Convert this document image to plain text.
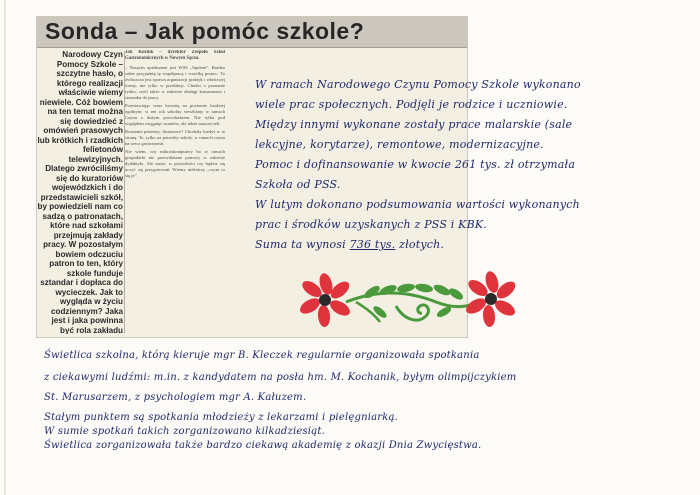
Sonda – Jak pomóc szkole?

Narodowy Czyn Pomocy Szkole – szczytne hasło, o którego realizacji właściwie wiemy niewiele. Cóż bowiem na ten temat można się dowiedzieć z omówień prasowych lub krótkich i rzadkich felietonów telewizyjnych. Dlatego zwróciliśmy się do kuratoriów wojewódzkich i do przedstawicieli szkół, by powiedzieli nam co sadzą o patronatach, które nad szkołami przejmują zakłady pracy. W pozostałym bowiem odczuciu patron to ten, który szkole funduje sztandar i dopłaca do wycieczek. Jak to wygląda w życiu codziennym? Jaka jest i jaka powinna być rola zakładu

Jan Koziuk – dyrektor Zespołu Szkół Gastronomicznych w Nowym Sączu.

– Naszym opiekunem jest WSS „Społem”. Bardzo sobie przyjaźnię tę współpracę i wszelką pomoc. To zwłaszcza jest sprawa organizacji praktyk i właściwej formy, nie tylko w produkcji. Chodzi o poznanie rynku, czyli także w zakresie obsługi konsumenta i stosunku do pracy.

Przestawiając teraz kwestię na poziomie bardziej ogólnym: w ten rok szkolny weszliśmy w ramach Czynu z dużym powodzeniem. Nie tylko pod względem osiągnięć uczniów, ale także nauczycieli.

Rozmaite prezenty, finansowe? Chodziły kiedyś w te stronę. To, tylko na potrzeby szkoły, w ramach czynu na rzecz gastronomii.

Nie wiem, czy mikroskomputery bo w ramach gospodarki nie przewidziano pomocy w zakresie dydaktyki. Ale może, w przyszłości czy będzie się uczyć się przygotowań. Wiemy niektórzy „czym to się je”.

W ramach Narodowego Czynu Pomocy Szkole wykonano
wiele prac społecznych. Podjęli je rodzice i uczniowie.
Między innymi wykonane zostały prace malarskie (sale
lekcyjne, korytarze), remontowe, modernizacyjne.
Pomoc i dofinansowanie w kwocie 261 tys. zł otrzymała
Szkoła od PSS.
W lutym dokonano podsumowania wartości wykonanych
prac i środków uzyskanych z PSS i KBK.
Suma ta wynosi 736 tys. złotych.
Świetlica szkolna, którą kieruje mgr B. Kleczek regularnie organizowała spotkania
z ciekawymi ludźmi: m.in. z kandydatem na posła hm. M. Kochanik, byłym olimpijczykiem
St. Marusarzem, z psychologiem mgr A. Kałuzem.
Stałym punktem są spotkania młodzieży z lekarzami i pielęgniarką.
W sumie spotkań takich zorganizowano kilkadziesiąt.
Świetlica zorganizowała także bardzo ciekawą akademię z okazji Dnia Zwycięstwa.
